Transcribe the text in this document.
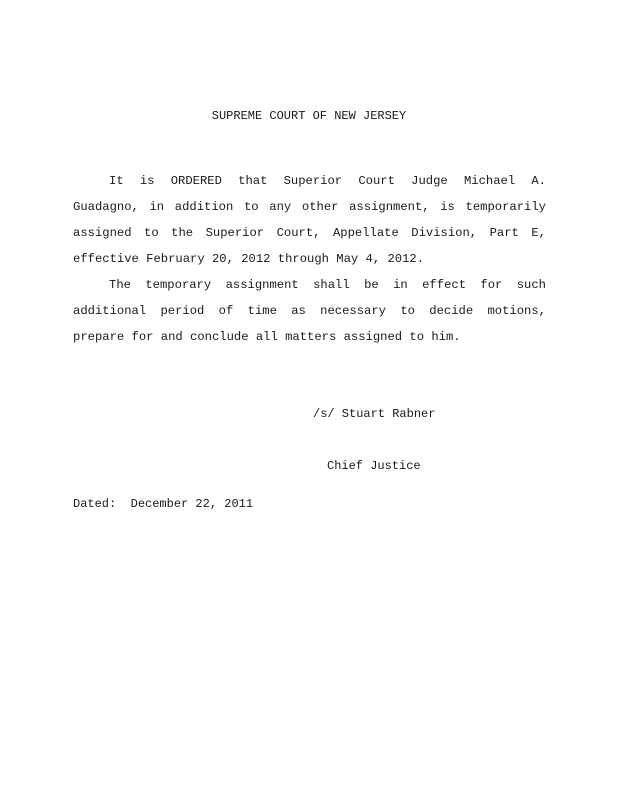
SUPREME COURT OF NEW JERSEY

It is ORDERED that Superior Court Judge Michael A. Guadagno, in addition to any other assignment, is temporarily assigned to the Superior Court, Appellate Division, Part E, effective February 20, 2012 through May 4, 2012.

The temporary assignment shall be in effect for such additional period of time as necessary to decide motions, prepare for and conclude all matters assigned to him.

/s/ Stuart Rabner
Chief Justice
Dated: December 22, 2011
